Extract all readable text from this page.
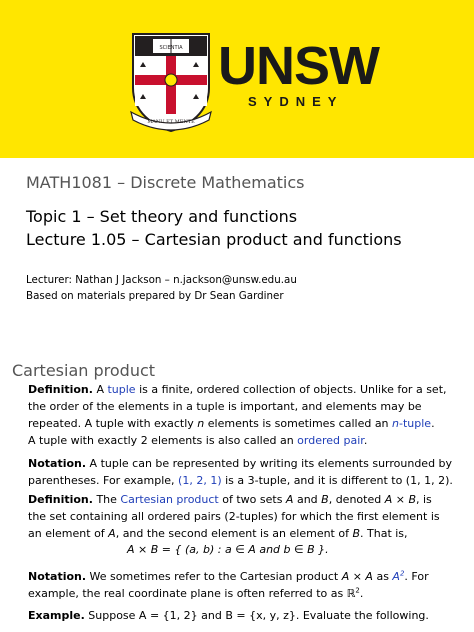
SCIENTIA
MANU ET MENTE
UNSW
SYDNEY
MATH1081 – Discrete Mathematics
Topic 1 – Set theory and functions
Lecture 1.05 – Cartesian product and functions
Lecturer: Nathan J Jackson – n.jackson@unsw.edu.au
Based on materials prepared by Dr Sean Gardiner
Cartesian product
Definition. A tuple is a finite, ordered collection of objects. Unlike for a set,
the order of the elements in a tuple is important, and elements may be
repeated. A tuple with exactly n elements is sometimes called an n-tuple.
A tuple with exactly 2 elements is also called an ordered pair.
Notation. A tuple can be represented by writing its elements surrounded by
parentheses. For example, (1, 2, 1) is a 3-tuple, and it is different to (1, 1, 2).
Definition. The Cartesian product of two sets A and B, denoted A × B, is
the set containing all ordered pairs (2-tuples) for which the first element is
an element of A, and the second element is an element of B. That is,
A × B = { (a, b) : a ∈ A and b ∈ B }.
Notation. We sometimes refer to the Cartesian product A × A as $A^2$. For
example, the real coordinate plane is often referred to as ℝ$^2$.
Example. Suppose A = {1, 2} and B = {x, y, z}. Evaluate the following.
